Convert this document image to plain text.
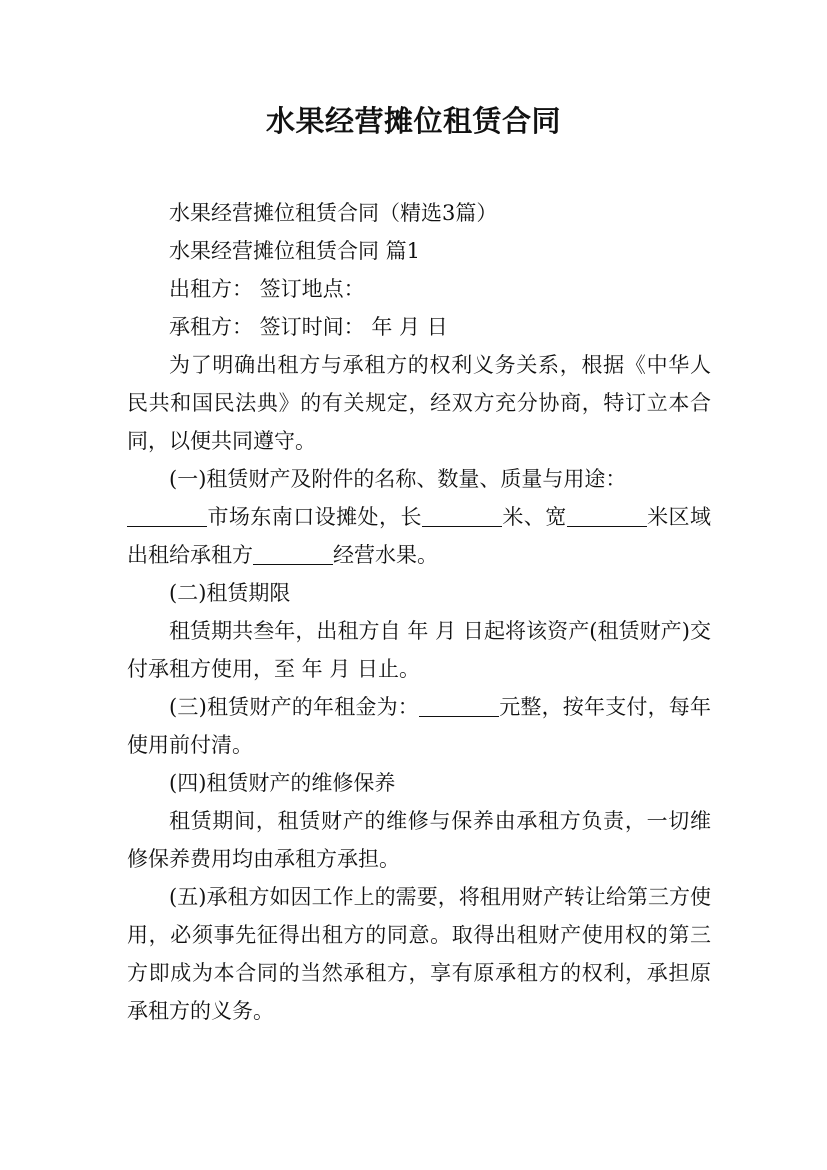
水果经营摊位租赁合同

水果经营摊位租赁合同（精选3篇）

水果经营摊位租赁合同 篇1

出租方： 签订地点：

承租方： 签订时间： 年 月 日

为了明确出租方与承租方的权利义务关系，根据《中华人民共和国民法典》的有关规定，经双方充分协商，特订立本合同，以便共同遵守。

(一)租赁财产及附件的名称、数量、质量与用途：

市场东南口设摊处，长	米、宽	米区域出租给承租方	经营水果。

(二)租赁期限

租赁期共叁年，出租方自 年 月 日起将该资产(租赁财产)交付承租方使用，至 年 月 日止。

(三)租赁财产的年租金为：	元整，按年支付，每年使用前付清。

(四)租赁财产的维修保养

租赁期间，租赁财产的维修与保养由承租方负责，一切维修保养费用均由承租方承担。

(五)承租方如因工作上的需要，将租用财产转让给第三方使用，必须事先征得出租方的同意。取得出租财产使用权的第三方即成为本合同的当然承租方，享有原承租方的权利，承担原承租方的义务。
